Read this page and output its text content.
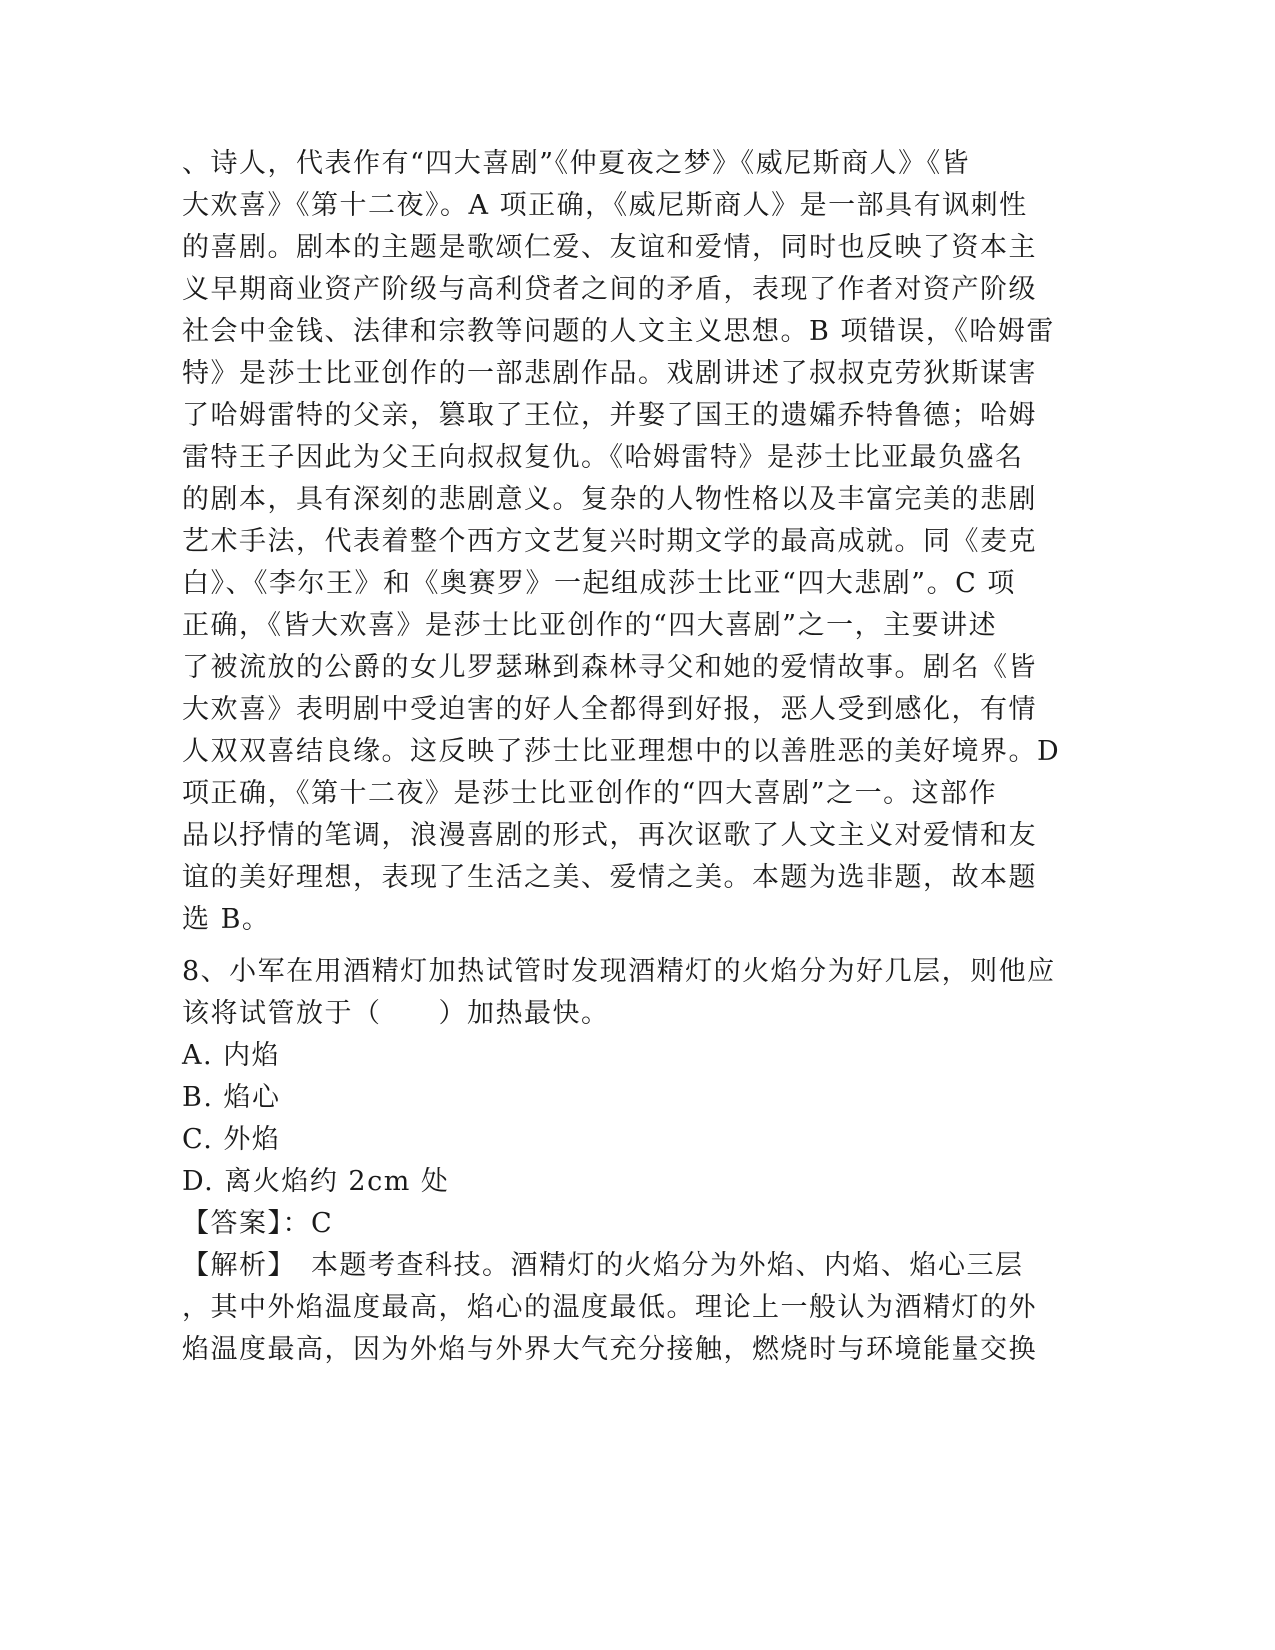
、诗人，代表作有“四大喜剧”《仲夏夜之梦》《威尼斯商人》《皆
大欢喜》《第十二夜》。A 项正确，《威尼斯商人》是一部具有讽刺性
的喜剧。剧本的主题是歌颂仁爱、友谊和爱情，同时也反映了资本主
义早期商业资产阶级与高利贷者之间的矛盾，表现了作者对资产阶级
社会中金钱、法律和宗教等问题的人文主义思想。B 项错误，《哈姆雷
特》是莎士比亚创作的一部悲剧作品。戏剧讲述了叔叔克劳狄斯谋害
了哈姆雷特的父亲，篡取了王位，并娶了国王的遗孀乔特鲁德；哈姆
雷特王子因此为父王向叔叔复仇。《哈姆雷特》是莎士比亚最负盛名
的剧本，具有深刻的悲剧意义。复杂的人物性格以及丰富完美的悲剧
艺术手法，代表着整个西方文艺复兴时期文学的最高成就。同《麦克
白》、《李尔王》和《奥赛罗》一起组成莎士比亚“四大悲剧”。C 项
正确，《皆大欢喜》是莎士比亚创作的“四大喜剧”之一，主要讲述
了被流放的公爵的女儿罗瑟琳到森林寻父和她的爱情故事。剧名《皆
大欢喜》表明剧中受迫害的好人全都得到好报，恶人受到感化，有情
人双双喜结良缘。这反映了莎士比亚理想中的以善胜恶的美好境界。D
项正确，《第十二夜》是莎士比亚创作的“四大喜剧”之一。这部作
品以抒情的笔调，浪漫喜剧的形式，再次讴歌了人文主义对爱情和友
谊的美好理想，表现了生活之美、爱情之美。本题为选非题，故本题
选 B。
8、小军在用酒精灯加热试管时发现酒精灯的火焰分为好几层，则他应
该将试管放于（　　）加热最快。
A. 内焰
B. 焰心
C. 外焰
D. 离火焰约 2cm 处
【答案】：C
【解析】　本题考查科技。酒精灯的火焰分为外焰、内焰、焰心三层
，其中外焰温度最高，焰心的温度最低。理论上一般认为酒精灯的外
焰温度最高，因为外焰与外界大气充分接触，燃烧时与环境能量交换
